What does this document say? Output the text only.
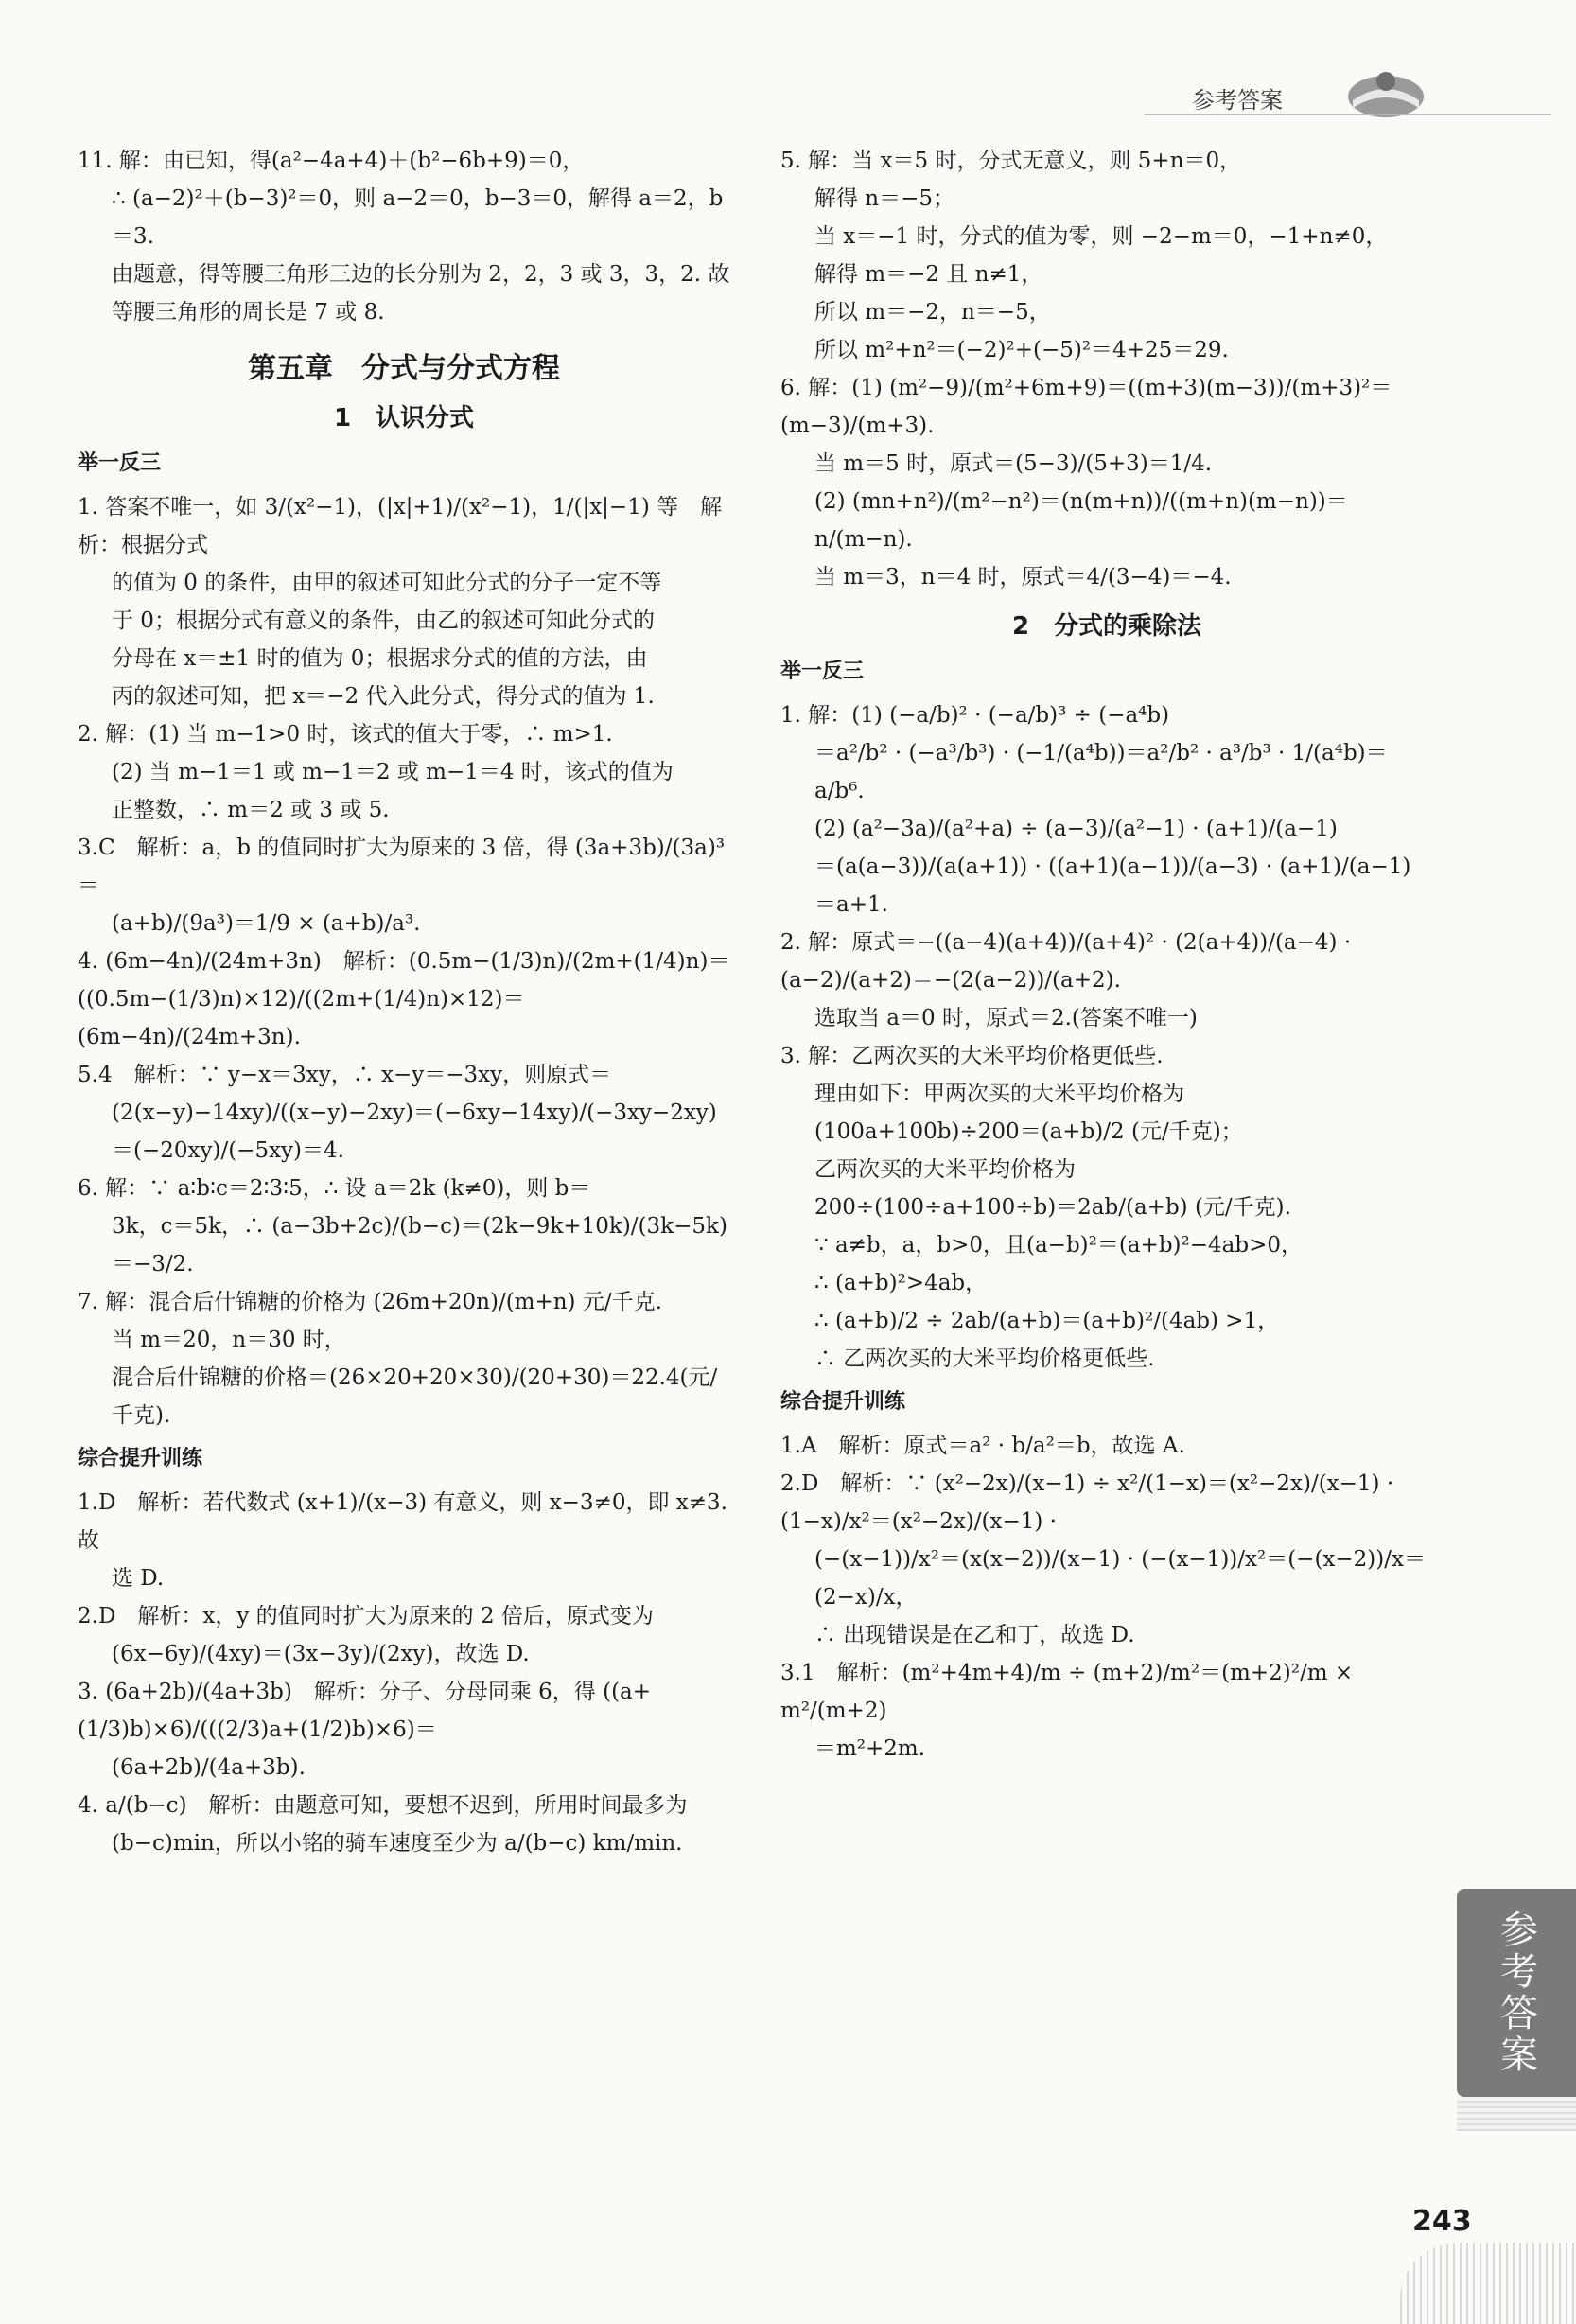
参考答案
11. 解：由已知，得(a²−4a+4)＋(b²−6b+9)＝0，
∴ (a−2)²＋(b−3)²＝0，则 a−2＝0，b−3＝0，解得 a＝2，b＝3.
由题意，得等腰三角形三边的长分别为 2，2，3 或 3，3，2. 故
等腰三角形的周长是 7 或 8.
第五章　分式与分式方程
1　认识分式
举一反三
1. 答案不唯一，如 3/(x²−1)，(|x|+1)/(x²−1)，1/(|x|−1) 等　解析：根据分式
的值为 0 的条件，由甲的叙述可知此分式的分子一定不等
于 0；根据分式有意义的条件，由乙的叙述可知此分式的
分母在 x＝±1 时的值为 0；根据求分式的值的方法，由
丙的叙述可知，把 x＝−2 代入此分式，得分式的值为 1.
2. 解：(1) 当 m−1>0 时，该式的值大于零，∴ m>1.
(2) 当 m−1＝1 或 m−1＝2 或 m−1＝4 时，该式的值为
正整数，∴ m＝2 或 3 或 5.
3.C　解析：a，b 的值同时扩大为原来的 3 倍，得 (3a+3b)/(3a)³＝
(a+b)/(9a³)＝1/9 × (a+b)/a³.
4. (6m−4n)/(24m+3n)　解析：(0.5m−(1/3)n)/(2m+(1/4)n)＝((0.5m−(1/3)n)×12)/((2m+(1/4)n)×12)＝(6m−4n)/(24m+3n).
5.4　解析：∵ y−x＝3xy，∴ x−y＝−3xy，则原式＝
(2(x−y)−14xy)/((x−y)−2xy)＝(−6xy−14xy)/(−3xy−2xy)＝(−20xy)/(−5xy)＝4.
6. 解：∵ a∶b∶c＝2∶3∶5，∴ 设 a＝2k (k≠0)，则 b＝
3k，c＝5k，∴ (a−3b+2c)/(b−c)＝(2k−9k+10k)/(3k−5k)＝−3/2.
7. 解：混合后什锦糖的价格为 (26m+20n)/(m+n) 元/千克.
当 m＝20，n＝30 时，
混合后什锦糖的价格＝(26×20+20×30)/(20+30)＝22.4(元/千克).
综合提升训练
1.D　解析：若代数式 (x+1)/(x−3) 有意义，则 x−3≠0，即 x≠3. 故
选 D.
2.D　解析：x，y 的值同时扩大为原来的 2 倍后，原式变为
(6x−6y)/(4xy)＝(3x−3y)/(2xy)，故选 D.
3. (6a+2b)/(4a+3b)　解析：分子、分母同乘 6，得 ((a+(1/3)b)×6)/(((2/3)a+(1/2)b)×6)＝
(6a+2b)/(4a+3b).
4. a/(b−c)　解析：由题意可知，要想不迟到，所用时间最多为
(b−c)min，所以小铭的骑车速度至少为 a/(b−c) km/min.
5. 解：当 x＝5 时，分式无意义，则 5+n＝0，
解得 n＝−5；
当 x＝−1 时，分式的值为零，则 −2−m＝0，−1+n≠0，
解得 m＝−2 且 n≠1，
所以 m＝−2，n＝−5，
所以 m²+n²＝(−2)²+(−5)²＝4+25＝29.
6. 解：(1) (m²−9)/(m²+6m+9)＝((m+3)(m−3))/(m+3)²＝(m−3)/(m+3).
当 m＝5 时，原式＝(5−3)/(5+3)＝1/4.
(2) (mn+n²)/(m²−n²)＝(n(m+n))/((m+n)(m−n))＝n/(m−n).
当 m＝3，n＝4 时，原式＝4/(3−4)＝−4.
2　分式的乘除法
举一反三
1. 解：(1) (−a/b)² · (−a/b)³ ÷ (−a⁴b)
＝a²/b² · (−a³/b³) · (−1/(a⁴b))＝a²/b² · a³/b³ · 1/(a⁴b)＝a/b⁶.
(2) (a²−3a)/(a²+a) ÷ (a−3)/(a²−1) · (a+1)/(a−1)
＝(a(a−3))/(a(a+1)) · ((a+1)(a−1))/(a−3) · (a+1)/(a−1)
＝a+1.
2. 解：原式＝−((a−4)(a+4))/(a+4)² · (2(a+4))/(a−4) · (a−2)/(a+2)＝−(2(a−2))/(a+2).
选取当 a＝0 时，原式＝2.(答案不唯一)
3. 解：乙两次买的大米平均价格更低些.
理由如下：甲两次买的大米平均价格为
(100a+100b)÷200＝(a+b)/2 (元/千克)；
乙两次买的大米平均价格为
200÷(100÷a+100÷b)＝2ab/(a+b) (元/千克).
∵ a≠b，a，b>0，且(a−b)²＝(a+b)²−4ab>0，
∴ (a+b)²>4ab，
∴ (a+b)/2 ÷ 2ab/(a+b)＝(a+b)²/(4ab) >1，
∴ 乙两次买的大米平均价格更低些.
综合提升训练
1.A　解析：原式＝a² · b/a²＝b，故选 A.
2.D　解析：∵ (x²−2x)/(x−1) ÷ x²/(1−x)＝(x²−2x)/(x−1) · (1−x)/x²＝(x²−2x)/(x−1) ·
(−(x−1))/x²＝(x(x−2))/(x−1) · (−(x−1))/x²＝(−(x−2))/x＝(2−x)/x，
∴ 出现错误是在乙和丁，故选 D.
3.1　解析：(m²+4m+4)/m ÷ (m+2)/m²＝(m+2)²/m × m²/(m+2)
＝m²+2m.
参考答案
243
